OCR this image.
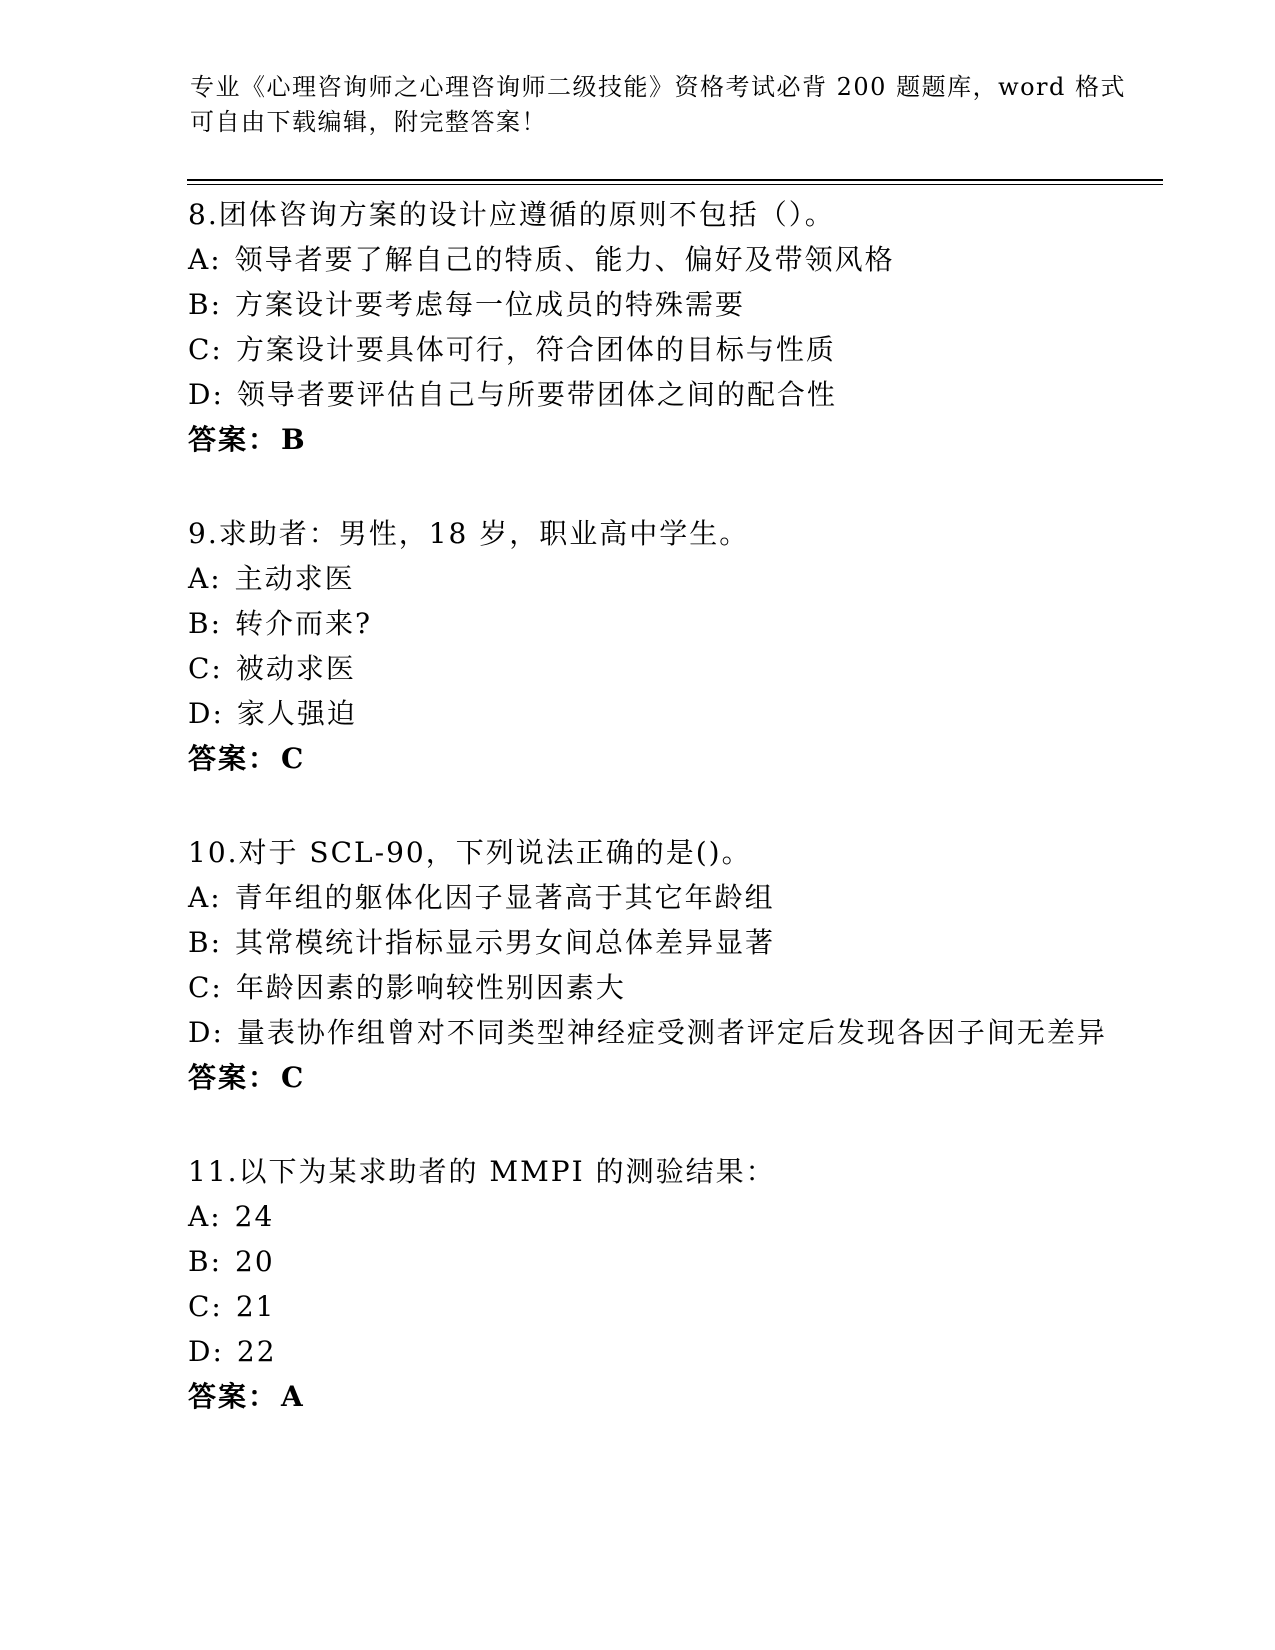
专业《心理咨询师之心理咨询师二级技能》资格考试必背 200 题题库，word 格式

可自由下载编辑，附完整答案！

8.团体咨询方案的设计应遵循的原则不包括（）。

A: 领导者要了解自己的特质、能力、偏好及带领风格

B: 方案设计要考虑每一位成员的特殊需要

C: 方案设计要具体可行，符合团体的目标与性质

D: 领导者要评估自己与所要带团体之间的配合性

答案： B

9.求助者：男性，18 岁，职业高中学生。

A: 主动求医

B: 转介而来?

C: 被动求医

D: 家人强迫

答案： C

10.对于 SCL-90，下列说法正确的是()。

A: 青年组的躯体化因子显著高于其它年龄组

B: 其常模统计指标显示男女间总体差异显著

C: 年龄因素的影响较性别因素大

D: 量表协作组曾对不同类型神经症受测者评定后发现各因子间无差异

答案： C

11.以下为某求助者的 MMPI 的测验结果：

A: 24

B: 20

C: 21

D: 22

答案： A
